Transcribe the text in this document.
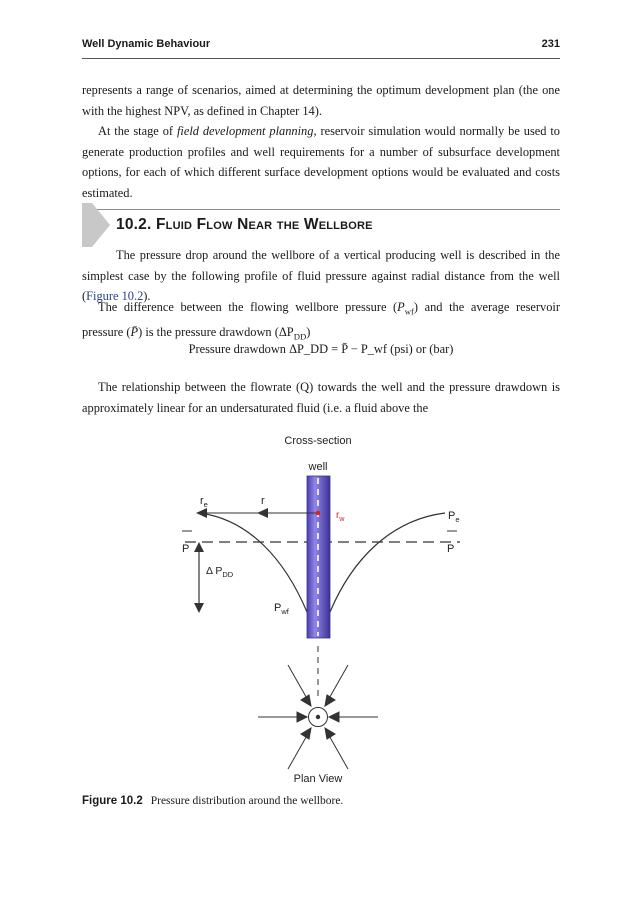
Well Dynamic Behaviour	231

represents a range of scenarios, aimed at determining the optimum development plan (the one with the highest NPV, as defined in Chapter 14).

At the stage of field development planning, reservoir simulation would normally be used to generate production profiles and well requirements for a number of subsurface development options, for each of which different surface development options would be evaluated and costs estimated.

10.2. Fluid Flow Near the Wellbore

The pressure drop around the wellbore of a vertical producing well is described in the simplest case by the following profile of fluid pressure against radial distance from the well (Figure 10.2).

The difference between the flowing wellbore pressure $(P_{wf})$ and the average reservoir pressure (P̄) is the pressure drawdown $(\Delta P_{DD})$

Pressure drawdown ΔP_DD = P̄ − P_wf (psi) or (bar)

The relationship between the flowrate (Q) towards the well and the pressure drawdown is approximately linear for an undersaturated fluid (i.e. a fluid above the

Cross-section
well
$r_e$	r
$r_w$	$P_e$
P	P
Δ $P_{DD}$
$P_{wf}$
Plan View
Figure 10.2 Pressure distribution around the wellbore.
